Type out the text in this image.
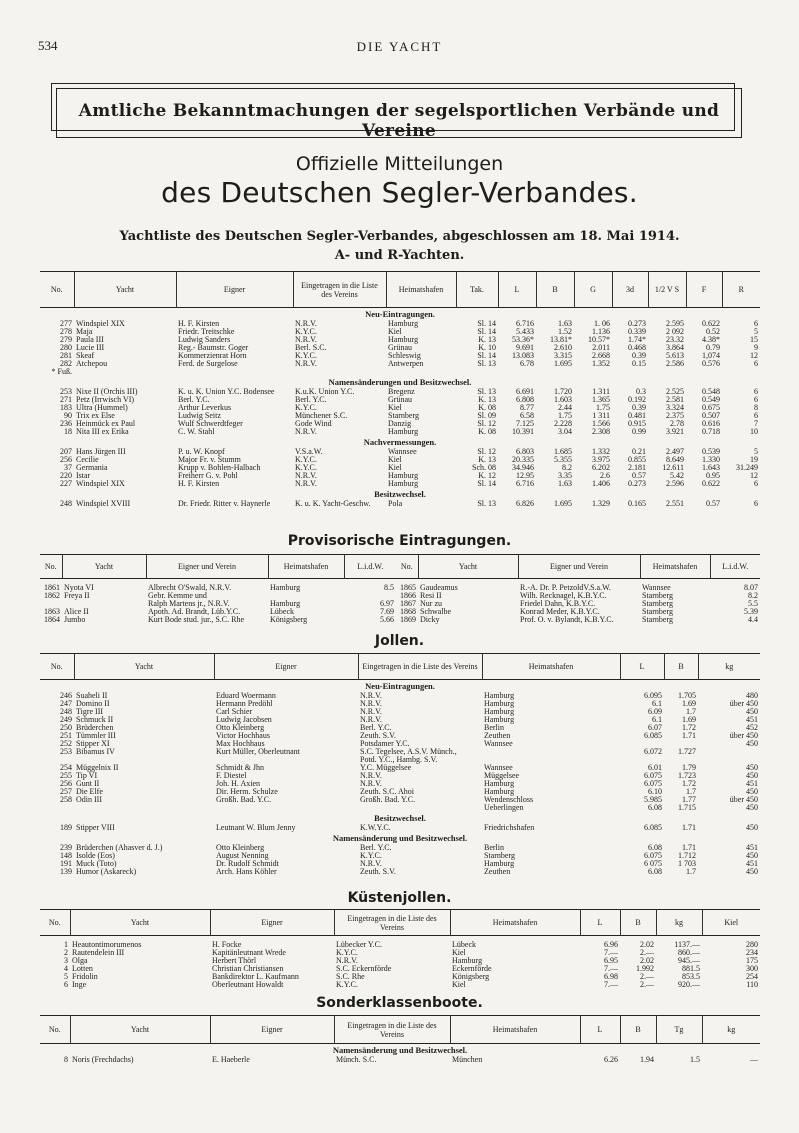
534	DIE YACHT
Amtliche Bekanntmachungen der segelsportlichen Verbände und Vereine
Offizielle Mitteilungen
des Deutschen Segler-Verbandes.
Yachtliste des Deutschen Segler-Verbandes, abgeschlossen am 18. Mai 1914.
A- und R-Yachten.
No.	Yacht	Eigner	Eingetragen in die Liste des Vereins	Heimatshafen	Tak.	L	B	G	3d	1/2 V S	F	R
Neu-Eintragungen.												
277	Windspiel XIX	H. F. Kirsten	N.R.V.	Hamburg	Sl. 14	6.716	1.63	1. 06	0.273	2.595	0.622	6
278	Maja	Friedr. Treitschke	K.Y.C.	Kiel	Sl. 14	5.433	1.52	1.136	0.339	2 092	0.52	5
279	Paula III	Ludwig Sanders	N.R.V.	Hamburg	K. 13	53.36*	13.81*	10.57*	1.74*	23.32	4.38*	15
280	Lucie III	Reg.- Baumstr. Goger	Berl. S.C.	Grünau	K. 10	9.691	2.610	2.011	0.468	3.864	0.79	9
281	Skeaf	Kommerzienrat Horn	K.Y.C.	Schleswig	Sl. 14	13.083	3.315	2.668	0.39	5.613	1,074	12
282	Atchepou	Ferd. de Surgelose	N.R.V.	Antwerpen	Sl. 13	6.78	1.695	1.352	0.15	2.586	0.576	6
* Fuß.												
Namensänderungen und Besitzwechsel.												
253	Nixe II (Orchis III)	K. u. K. Union Y.C. Bodensee	K.u.K. Union Y.C.	Bregenz	Sl. 13	6.691	1.720	1.311	0.3	2.525	0.548	6
271	Petz (Irrwisch VI)	Berl. Y.C.	Berl. Y.C.	Grünau	K. 13	6.808	1.603	1.365	0.192	2.581	0.549	6
183	Ultra (Hummel)	Arthur Leverkus	K.Y.C.	Kiel	K. 08	8.77	2.44	1.75	0.39	3.324	0.675	8
90	Trix ex Else	Ludwig Seitz	Münchener S.C.	Starnberg	Sl. 09	6.58	1.75	1 311	0.481	2.375	0.507	6
236	Heinmück ex Paul	Wulf Schwerdtfeger	Gode Wind	Danzig	Sl. 12	7.125	2.228	1.566	0.915	2.78	0.616	7
18	Nita III ex Erika	C. W. Stahl	N.R.V.	Hamburg	K. 08	10.391	3.04	2.308	0.99	3.921	0.718	10
Nachvermessungen.												
207	Hans Jürgen III	P. u. W. Knopf	V.S.a.W.	Wannsee	Sl. 12	6.803	1.685	1.332	0.21	2.497	0.539	5
256	Cecilie	Major Fr. v. Stumm	K.Y.C.	Kiel	K. 13	20.335	5.355	3.975	0.855	8.649	1.330	19
37	Germania	Krupp v. Bohlen-Halbach	K.Y.C.	Kiel	Sch. 08	34.946	8.2	6.202	2.181	12.611	1.643	31.249
220	Istar	Freiherr G. v. Pohl	N.R.V.	Hamburg	K. 12	12.95	3.35	2.6	0.57	5.42	0.95	12
227	Windspiel XIX	H. F. Kirsten	N.R.V.	Hamburg	Sl. 14	6.716	1.63	1.406	0.273	2.596	0.622	6
Besitzwechsel.												
248	Windspiel XVIII	Dr. Friedr. Ritter v. Haynerle	K. u. K. Yacht-Geschw.	Pola	Sl. 13	6.826	1.695	1.329	0.165	2.551	0.57	6
Provisorische Eintragungen.
No.	Yacht	Eigner und Verein	Heimatshafen	L.i.d.W.

1861	Nyota VI	Albrecht O'Swald, N.R.V.	Hamburg	8.5
1862	Freya II	Gebr. Kemme und		
		Ralph Martens jr., N.R.V.	Hamburg	6.97
1863	Alice II	Apoth. Ad. Brandt, Lüb.Y.C.	Lübeck	7.69
1864	Jumbo	Kurt Bode stud. jur., S.C. Rhe	Königsberg	5.66
No.	Yacht	Eigner und Verein	Heimatshafen	L.i.d.W.

1865	Gaudeamus	R.-A. Dr. P. PetzoldV.S.a.W.	Wannsee	8.07
1866	Resi II	Wilh. Recknagel, K.B.Y.C.	Starnberg	8.2
1867	Nur zu	Friedel Dahn, K.B.Y.C.	Starnberg	5.5
1868	Schwalbe	Konrad Meder, K.B.Y.C.	Starnberg	5.39
1869	Dicky	Prof. O. v. Bylandt, K.B.Y.C.	Starnberg	4.4
Jollen.
No.	Yacht	Eigner	Eingetragen in die Liste des Vereins	Heimatshafen	L	B	kg
Neu-Eintragungen.							
246	Suaheli II	Eduard Woermann	N.R.V.	Hamburg	6.095	1.705	480
247	Domino II	Hermann Predöhl	N.R.V.	Hamburg	6.1	1.69	über 450
248	Tigre III	Carl Schier	N.R.V.	Hamburg	6.09	1.7	450
249	Schmuck II	Ludwig Jacobsen	N.R.V.	Hamburg	6.1	1.69	451
250	Brüderchen	Otto Kleinberg	Berl. Y.C.	Berlin	6.07	1.72	452
251	Tümmler III	Victor Hochhaus	Zeuth. S.V.	Zeuthen	6.085	1.71	über 450
252	Stipper XI	Max Hochhaus	Potsdamer Y.C.	Wannsee			450
253	Bibamus IV	Kurt Müller, Oberleutnant	S.C. Tegelsee, A.S.V. Münch.,		6.072	1.727	
			Potd. Y.C., Hambg. S.V.				
254	Müggelnix II	Schmidt & Jhn	Y.C. Müggelsee	Wannsee	6.01	1.79	450
255	Tip VI	F. Diestel	N.R.V.	Müggelsee	6.075	1.723	450
256	Gunt II	Joh. H. Axien	N.R.V.	Hamburg	6.075	1.72	451
257	Die Elfe	Dir. Herm. Schulze	Zeuth. S.C. Ahoi	Hamburg	6.10	1.7	450
258	Odin III	Großh. Bad. Y.C.	Großh. Bad. Y.C.	Wendenschloss	5.985	1.77	über 450
				Ueberlingen	6.08	1.715	450
Besitzwechsel.							
189	Stipper VIII	Leutnant W. Blum Jenny	K.W.Y.C.	Friedrichshafen	6.085	1.71	450
Namensänderung und Besitzwechsel.							
239	Brüderchen (Ahasver d. J.)	Otto Kleinberg	Berl. Y.C.	Berlin	6.08	1.71	451
148	Isolde (Eos)	August Nenning	K.Y.C.	Starnberg	6.075	1.712	450
191	Muck (Toto)	Dr. Rudolf Schmidt	N.R.V.	Hamburg	6 075	1 703	451
139	Humor (Askareck)	Arch. Hans Köhler	Zeuth. S.V.	Zeuthen	6.08	1.7	450
Küstenjollen.
No.	Yacht	Eigner	Eingetragen in die Liste des Vereins	Heimatshafen	L	B	kg	Kiel

1	Heautontimorumenos	H. Focke	Lübecker Y.C.	Lübeck	6.96	2.02	1137.—	280
2	Rautendelein III	Kapitänleutnant Wrede	K.Y.C.	Kiel	7.—	2.—	860.—	234
3	Olga	Herbert Thörl	N.R.V.	Hamburg	6.95	2.02	945.—	175
4	Lotten	Christian Christiansen	S.C. Eckernförde	Eckernförde	7.—	1.992	881.5	300
5	Fridolin	Bankdirektor L. Kaufmann	S.C. Rhe	Königsberg	6.98	2.—	853.5	254
6	Inge	Oberleutnant Howaldt	K.Y.C.	Kiel	7.—	2.—	920.—	110
Sonderklassenboote.
No.	Yacht	Eigner	Eingetragen in die Liste des Vereins	Heimatshafen	L	B	Tg	kg
Namensänderung und Besitzwechsel.								
8	Noris (Frechdachs)	E. Haeberle	Münch. S.C.	München	6.26	1.94	1.5	—
